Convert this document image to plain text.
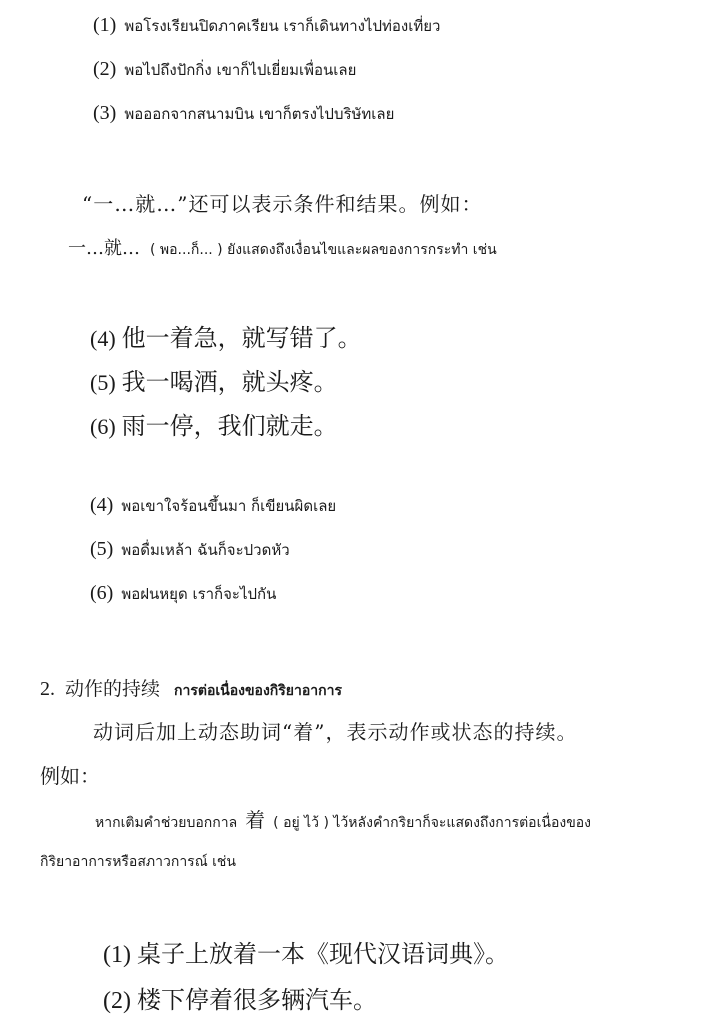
(1) พอโรงเรียนปิดภาคเรียน เราก็เดินทางไปท่องเที่ยว
(2) พอไปถึงปักกิ่ง เขาก็ไปเยี่ยมเพื่อนเลย
(3) พอออกจากสนามบิน เขาก็ตรงไปบริษัทเลย
“一…就…”还可以表示条件和结果。例如：
一…就… ( พอ...ก็... ) ยังแสดงถึงเงื่อนไขและผลของการกระทำ เช่น
(4) 他一着急，就写错了。
(5) 我一喝酒，就头疼。
(6) 雨一停，我们就走。
(4) พอเขาใจร้อนขึ้นมา ก็เขียนผิดเลย
(5) พอดื่มเหล้า ฉันก็จะปวดหัว
(6) พอฝนหยุด เราก็จะไปกัน
2. 动作的持续 การต่อเนื่องของกิริยาอาการ
动词后加上动态助词“着”，表示动作或状态的持续。
例如：
หากเติมคำช่วยบอกกาล 着 ( อยู่ ไว้ ) ไว้หลังคำกริยาก็จะแสดงถึงการต่อเนื่องของ
กิริยาอาการหรือสภาวการณ์ เช่น
(1) 桌子上放着一本《现代汉语词典》。
(2) 楼下停着很多辆汽车。
